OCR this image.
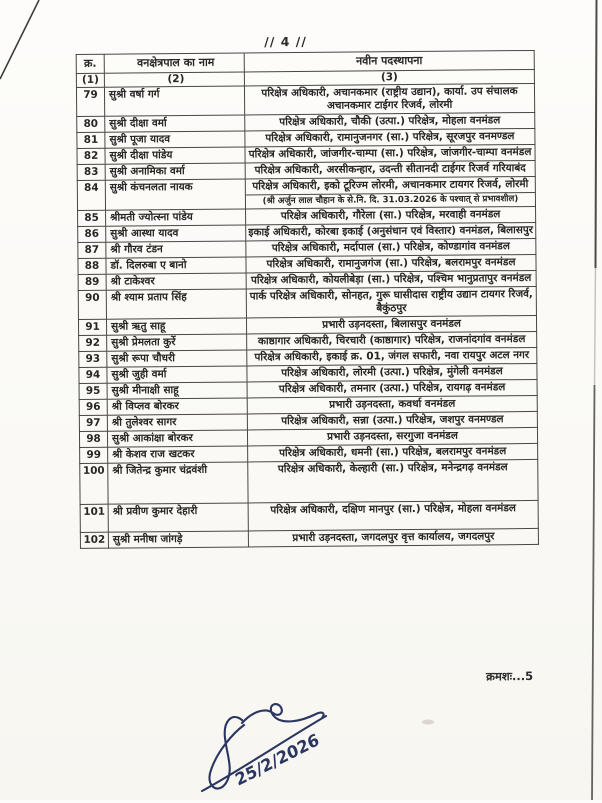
// 4 //
क्र.	वनक्षेत्रपाल का नाम	नवीन पदस्थापना
(1)	(2)	(3)
79	सुश्री वर्षा गर्ग	परिक्षेत्र अधिकारी, अचानकमार (राष्ट्रीय उद्यान), कार्या. उप संचालक अचानकमार टाईगर रिजर्व, लोरमी
80	सुश्री दीक्षा वर्मा	परिक्षेत्र अधिकारी, चौकी (उत्पा.) परिक्षेत्र, मोहला वनमंडल
81	सुश्री पूजा यादव	परिक्षेत्र अधिकारी, रामानुजनगर (सा.) परिक्षेत्र, सूरजपुर वनमण्डल
82	सुश्री दीक्षा पांडेय	परिक्षेत्र अधिकारी, जांजगीर-चाम्पा (सा.) परिक्षेत्र, जांजगीर-चाम्पा वनमंडल
83	सुश्री अनामिका वर्मा	परिक्षेत्र अधिकारी, अरसीकन्हार, उदन्ती सीतानदी टाईगर रिजर्व गरियाबंद
84	सुश्री कंचनलता नायक	परिक्षेत्र अधिकारी, इको टूरिज्म लोरमी, अचानकमार टायगर रिजर्व, लोरमी
(श्री अर्जुन लाल चौहान के से.नि. दि. 31.03.2026 के पश्चात् से प्रभावशील)

85	श्रीमती ज्योत्स्ना पांडेय	परिक्षेत्र अधिकारी, गौरेला (सा.) परिक्षेत्र, मरवाही वनमंडल
86	सुश्री आस्था यादव	इकाई अधिकारी, कोरबा इकाई (अनुसंधान एवं विस्तार) वनमंडल, बिलासपुर
87	श्री गौरव टंडन	परिक्षेत्र अधिकारी, मर्दापाल (सा.) परिक्षेत्र, कोण्डागांव वनमंडल
88	डॉ. दिलरुबा ए बानो	परिक्षेत्र अधिकारी, रामानुजगंज (सा.) परिक्षेत्र, बलरामपुर वनमंडल
89	श्री टाकेश्वर	परिक्षेत्र अधिकारी, कोयलीबेड़ा (सा.) परिक्षेत्र, पश्चिम भानुप्रतापुर वनमंडल
90	श्री श्याम प्रताप सिंह	पार्क परिक्षेत्र अधिकारी, सोनहत, गुरू घासीदास राष्ट्रीय उद्यान टायगर रिजर्व, बैकुंठपुर
91	सुश्री ऋतु साहू	प्रभारी उड़नदस्ता, बिलासपुर वनमंडल
92	सुश्री प्रेमलता कुर्रे	काष्ठागार अधिकारी, चिरचारी (काष्ठागार) परिक्षेत्र, राजनांदगांव वनमंडल
93	सुश्री रूपा चौधरी	परिक्षेत्र अधिकारी, इकाई क्र. 01, जंगल सफारी, नवा रायपुर अटल नगर
94	सुश्री जुही वर्मा	परिक्षेत्र अधिकारी, लोरमी (उत्पा.) परिक्षेत्र, मुंगेली वनमंडल
95	सुश्री मीनाक्षी साहू	परिक्षेत्र अधिकारी, तमनार (उत्पा.) परिक्षेत्र, रायगढ़ वनमंडल
96	श्री विप्लव बोरकर	प्रभारी उड़नदस्ता, कवर्धा वनमंडल
97	श्री तुलेश्वर सागर	परिक्षेत्र अधिकारी, सन्ना (उत्पा.) परिक्षेत्र, जशपुर वनमण्डल
98	सुश्री आकांक्षा बोरकर	प्रभारी उड़नदस्ता, सरगुजा वनमंडल
99	श्री केशव राज खटकर	परिक्षेत्र अधिकारी, धमनी (सा.) परिक्षेत्र, बलरामपुर वनमंडल
100	श्री जितेन्द्र कुमार चंद्रवंशी	परिक्षेत्र अधिकारी, केल्हारी (सा.) परिक्षेत्र, मनेन्द्रगढ़ वनमंडल
101	श्री प्रवीण कुमार देहारी	परिक्षेत्र अधिकारी, दक्षिण मानपुर (सा.) परिक्षेत्र, मोहला वनमंडल
102	सुश्री मनीषा जांगड़े	प्रभारी उड़नदस्ता, जगदलपुर वृत्त कार्यालय, जगदलपुर
क्रमशः...5
25/2/2026
